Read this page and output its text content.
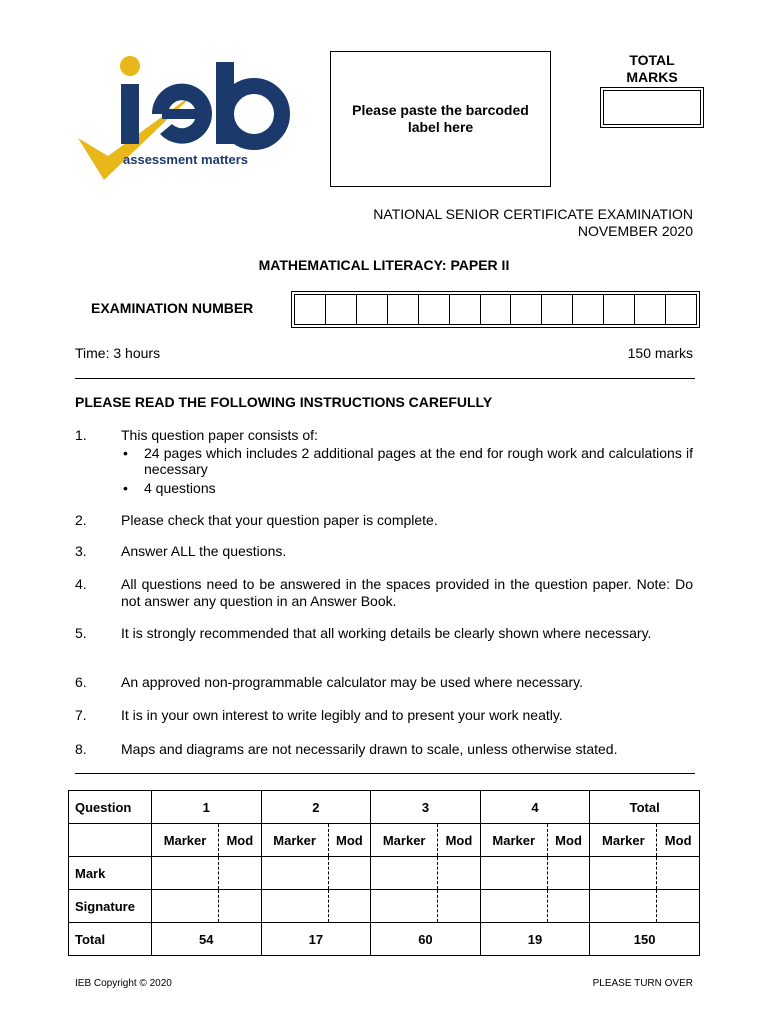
assessment matters
Please paste the barcoded label here
TOTAL
MARKS
NATIONAL SENIOR CERTIFICATE EXAMINATION
NOVEMBER 2020
MATHEMATICAL LITERACY: PAPER II
EXAMINATION NUMBER
Time: 3 hours	150 marks
PLEASE READ THE FOLLOWING INSTRUCTIONS CAREFULLY
1. This question paper consists of:
• 24 pages which includes 2 additional pages at the end for rough work and calculations if necessary
• 4 questions
2. Please check that your question paper is complete.
3. Answer ALL the questions.
4. All questions need to be answered in the spaces provided in the question paper. Note: Do not answer any question in an Answer Book.
5. It is strongly recommended that all working details be clearly shown where necessary.
6. An approved non-programmable calculator may be used where necessary.
7. It is in your own interest to write legibly and to present your work neatly.
8. Maps and diagrams are not necessarily drawn to scale, unless otherwise stated.
Question	1		2		3		4		Total	
	Marker	Mod	Marker	Mod	Marker	Mod	Marker	Mod	Marker	Mod
Mark										
Signature										
Total	54		17		60		19		150	
IEB Copyright © 2020	PLEASE TURN OVER
